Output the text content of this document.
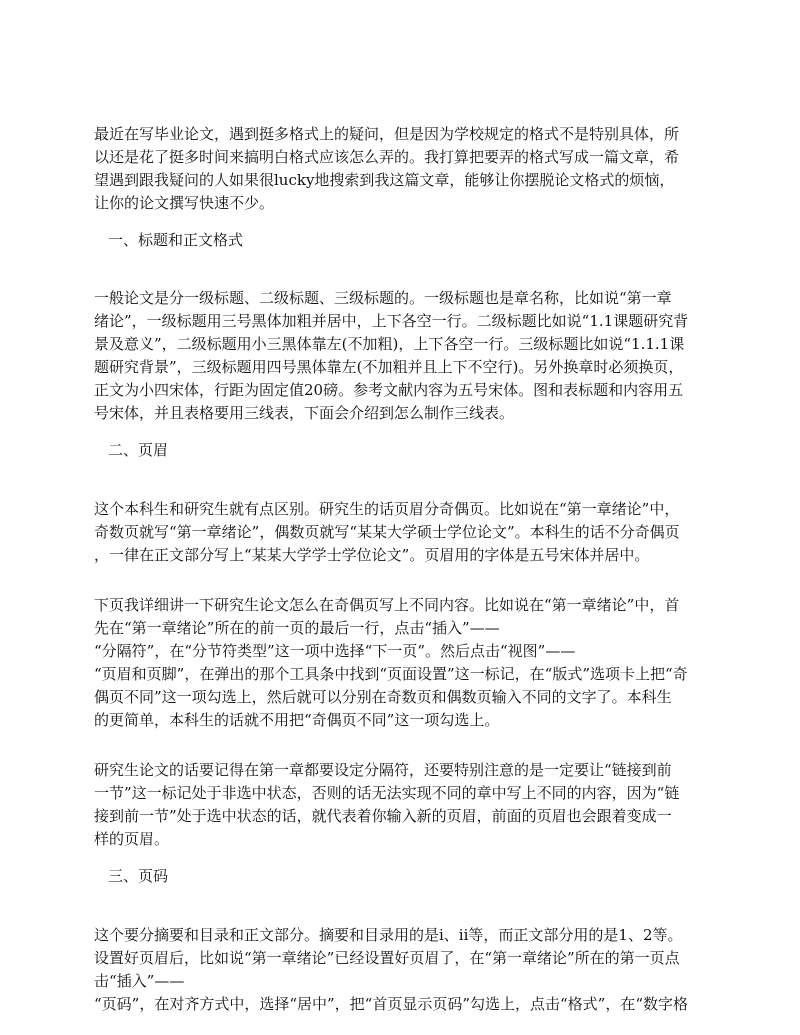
最近在写毕业论文，遇到挺多格式上的疑问，但是因为学校规定的格式不是特别具体，所
以还是花了挺多时间来搞明白格式应该怎么弄的。我打算把要弄的格式写成一篇文章，希
望遇到跟我疑问的人如果很lucky地搜索到我这篇文章，能够让你摆脱论文格式的烦恼，
让你的论文撰写快速不少。

一、标题和正文格式

一般论文是分一级标题、二级标题、三级标题的。一级标题也是章名称，比如说“第一章
绪论”，一级标题用三号黑体加粗并居中，上下各空一行。二级标题比如说“1.1课题研究背
景及意义”，二级标题用小三黑体靠左(不加粗)，上下各空一行。三级标题比如说“1.1.1课
题研究背景”，三级标题用四号黑体靠左(不加粗并且上下不空行)。另外换章时必须换页，
正文为小四宋体，行距为固定值20磅。参考文献内容为五号宋体。图和表标题和内容用五
号宋体，并且表格要用三线表，下面会介绍到怎么制作三线表。

二、页眉

这个本科生和研究生就有点区别。研究生的话页眉分奇偶页。比如说在“第一章绪论”中，
奇数页就写“第一章绪论”，偶数页就写“某某大学硕士学位论文”。本科生的话不分奇偶页
，一律在正文部分写上“某某大学学士学位论文”。页眉用的字体是五号宋体并居中。

下页我详细讲一下研究生论文怎么在奇偶页写上不同内容。比如说在“第一章绪论”中，首
先在“第一章绪论”所在的前一页的最后一行，点击“插入”——
“分隔符”，在“分节符类型”这一项中选择“下一页”。然后点击“视图”——
“页眉和页脚”，在弹出的那个工具条中找到“页面设置”这一标记，在“版式”选项卡上把“奇
偶页不同”这一项勾选上，然后就可以分别在奇数页和偶数页输入不同的文字了。本科生
的更简单，本科生的话就不用把“奇偶页不同”这一项勾选上。

研究生论文的话要记得在第一章都要设定分隔符，还要特别注意的是一定要让“链接到前
一节”这一标记处于非选中状态，否则的话无法实现不同的章中写上不同的内容，因为“链
接到前一节”处于选中状态的话，就代表着你输入新的页眉，前面的页眉也会跟着变成一
样的页眉。

三、页码

这个要分摘要和目录和正文部分。摘要和目录用的是i、ii等，而正文部分用的是1、2等。
设置好页眉后，比如说“第一章绪论”已经设置好页眉了，在“第一章绪论”所在的第一页点
击“插入”——
“页码”，在对齐方式中，选择“居中”，把“首页显示页码”勾选上，点击“格式”，在“数字格
